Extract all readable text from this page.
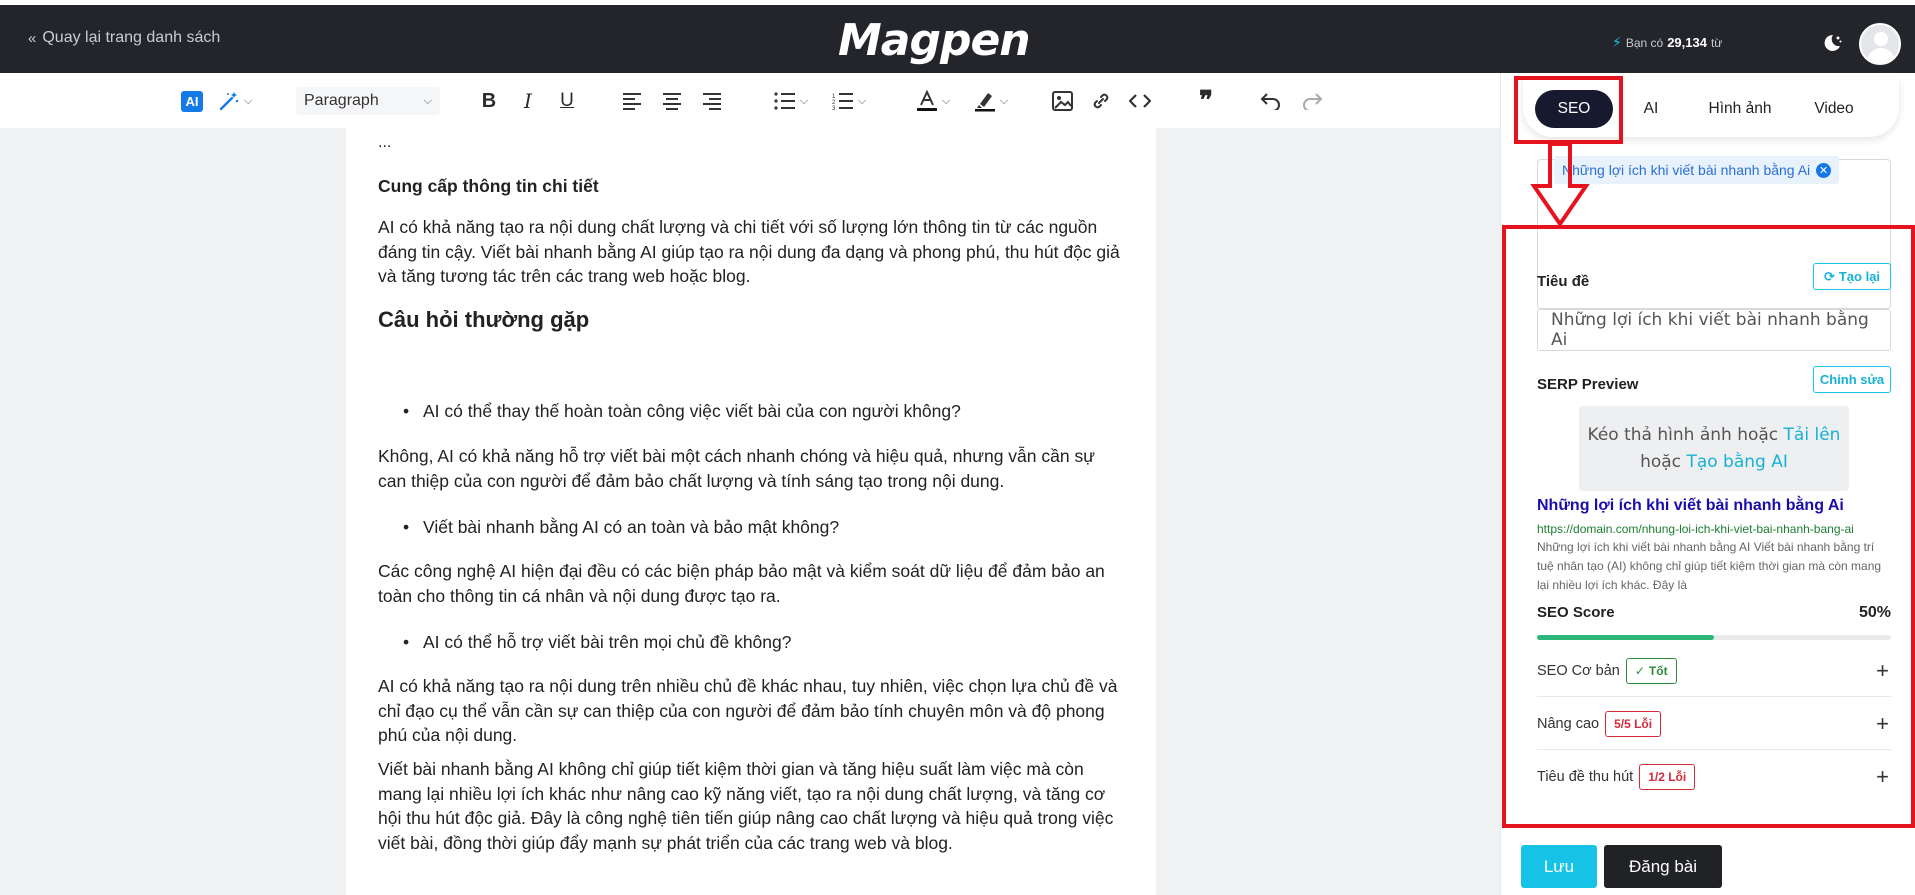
« Quay lại trang danh sách	Magpen	⚡ Bạn có 29,134 từ
AI	⌵	Paragraph	⌵ B I U	⌵	1
2
3
⌵	⌵	⌵	❞
...
Cung cấp thông tin chi tiết

AI có khả năng tạo ra nội dung chất lượng và chi tiết với số lượng lớn thông tin từ các nguồn đáng tin cậy. Viết bài nhanh bằng AI giúp tạo ra nội dung đa dạng và phong phú, thu hút độc giả và tăng tương tác trên các trang web hoặc blog.

Câu hỏi thường gặp
• AI có thể thay thế hoàn toàn công việc viết bài của con người không?

Không, AI có khả năng hỗ trợ viết bài một cách nhanh chóng và hiệu quả, nhưng vẫn cần sự can thiệp của con người để đảm bảo chất lượng và tính sáng tạo trong nội dung.

• Viết bài nhanh bằng AI có an toàn và bảo mật không?

Các công nghệ AI hiện đại đều có các biện pháp bảo mật và kiểm soát dữ liệu để đảm bảo an toàn cho thông tin cá nhân và nội dung được tạo ra.

• AI có thể hỗ trợ viết bài trên mọi chủ đề không?

AI có khả năng tạo ra nội dung trên nhiều chủ đề khác nhau, tuy nhiên, việc chọn lựa chủ đề và chỉ đạo cụ thể vẫn cần sự can thiệp của con người để đảm bảo tính chuyên môn và độ phong phú của nội dung.

Viết bài nhanh bằng AI không chỉ giúp tiết kiệm thời gian và tăng hiệu suất làm việc mà còn mang lại nhiều lợi ích khác như nâng cao kỹ năng viết, tạo ra nội dung chất lượng, và tăng cơ hội thu hút độc giả. Đây là công nghệ tiên tiến giúp nâng cao chất lượng và hiệu quả trong việc viết bài, đồng thời giúp đẩy mạnh sự phát triển của các trang web và blog.

SEO	AI	Hình ảnh	Video
Những lợi ích khi viết bài nhanh bằng Ai ✕
Tiêu đề	⟳ Tạo lại
Những lợi ích khi viết bài nhanh bằng Ai
SERP Preview	Chỉnh sửa
Kéo thả hình ảnh hoặc Tải lên
hoặc Tạo bằng AI
Những lợi ích khi viết bài nhanh bằng Ai
https://domain.com/nhung-loi-ich-khi-viet-bai-nhanh-bang-ai
Những lợi ích khi viết bài nhanh bằng AI Viết bài nhanh bằng trí tuệ nhân tạo (AI) không chỉ giúp tiết kiệm thời gian mà còn mang lại nhiều lợi ích khác. Đây là
SEO Score	50%
SEO Cơ bản ✓ Tốt	+
Nâng cao	5/5 Lỗi	+
Tiêu đề thu hút	1/2 Lỗi	+
Lưu	Đăng bài
